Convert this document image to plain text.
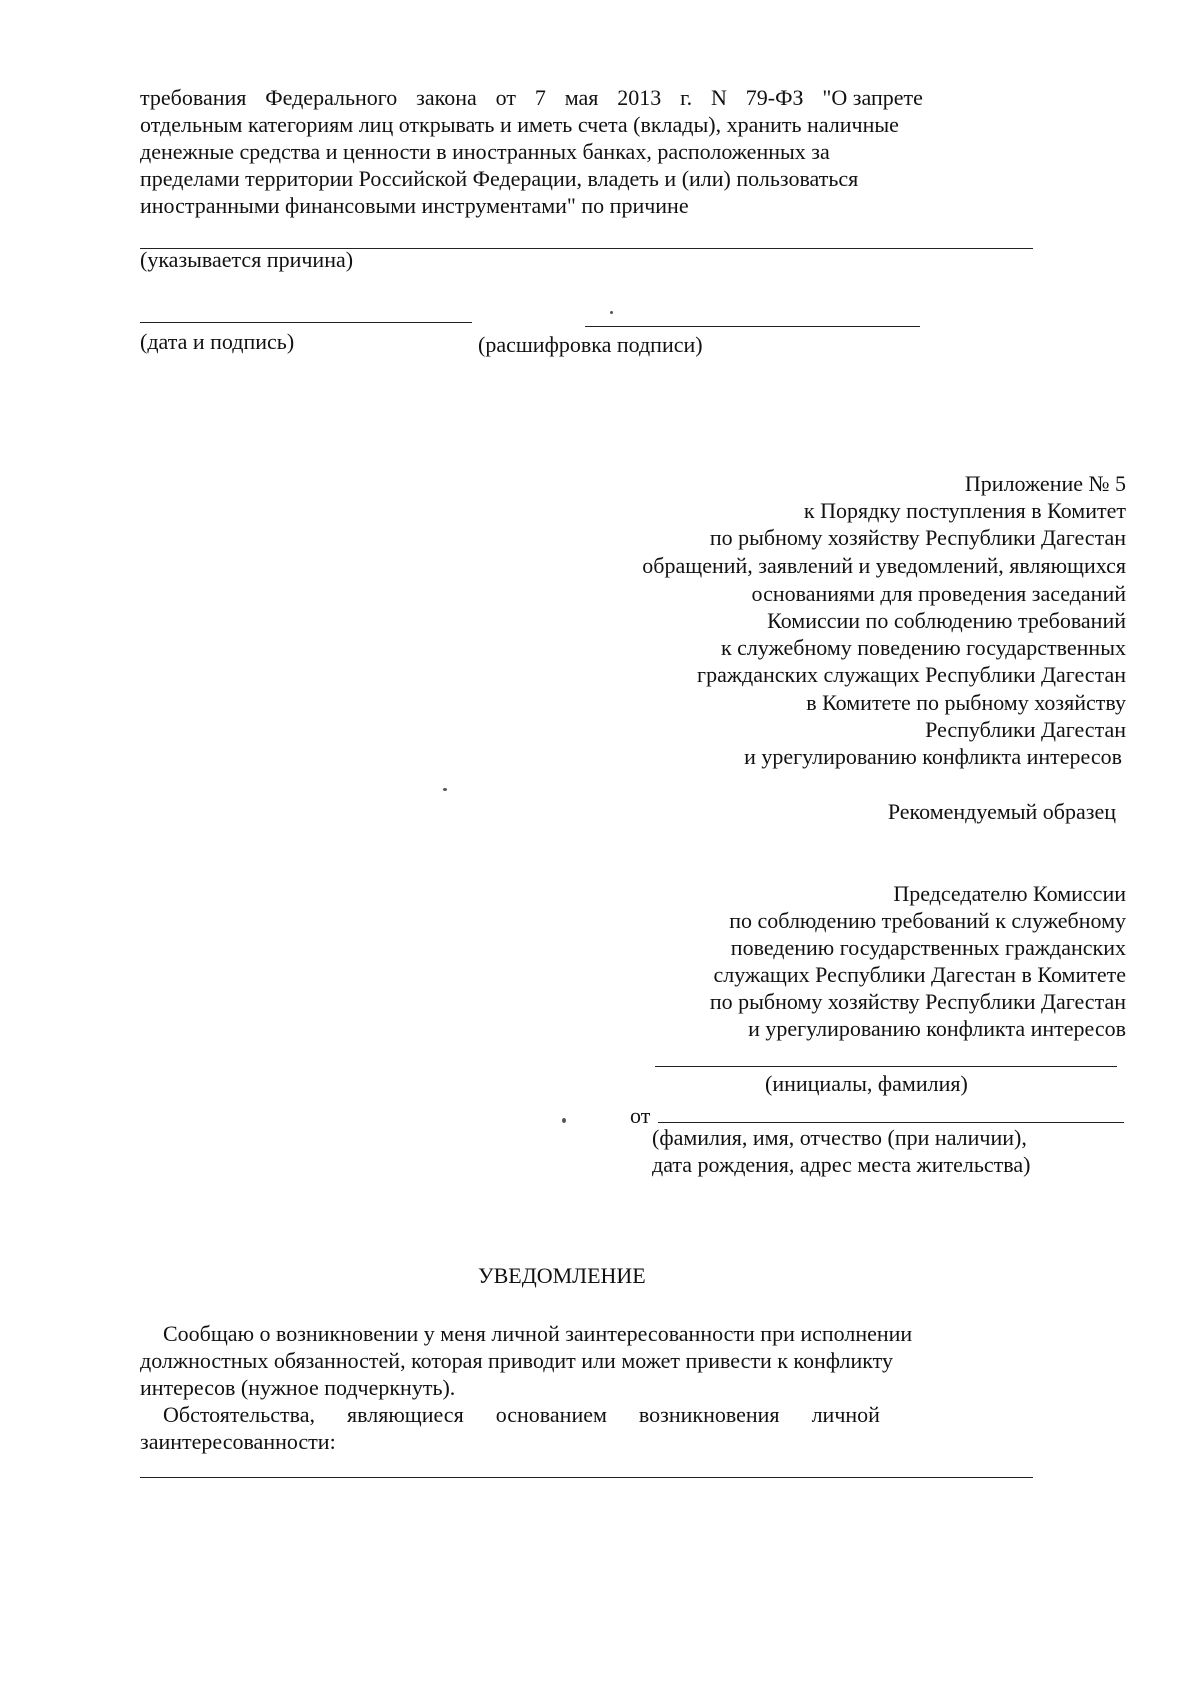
требования Федерального закона от 7 мая 2013 г. N 79-ФЗ "О запрете
отдельным категориям лиц открывать и иметь счета (вклады), хранить наличные
денежные средства и ценности в иностранных банках, расположенных за
пределами территории Российской Федерации, владеть и (или) пользоваться
иностранными финансовыми инструментами" по причине
(указывается причина)
(дата и подпись)	(расшифровка подписи)
Приложение № 5
к Порядку поступления в Комитет
по рыбному хозяйству Республики Дагестан
обращений, заявлений и уведомлений, являющихся
основаниями для проведения заседаний
Комиссии по соблюдению требований
к служебному поведению государственных
гражданских служащих Республики Дагестан
в Комитете по рыбному хозяйству
Республики Дагестан
и урегулированию конфликта интересов
Рекомендуемый образец
Председателю Комиссии
по соблюдению требований к служебному
поведению государственных гражданских
служащих Республики Дагестан в Комитете
по рыбному хозяйству Республики Дагестан
и урегулированию конфликта интересов
(инициалы, фамилия)
от
(фамилия, имя, отчество (при наличии),
дата рождения, адрес места жительства)
УВЕДОМЛЕНИЕ
Сообщаю о возникновении у меня личной заинтересованности при исполнении
должностных обязанностей, которая приводит или может привести к конфликту
интересов (нужное подчеркнуть).
Обстоятельства, являющиеся основанием возникновения личной
заинтересованности:
